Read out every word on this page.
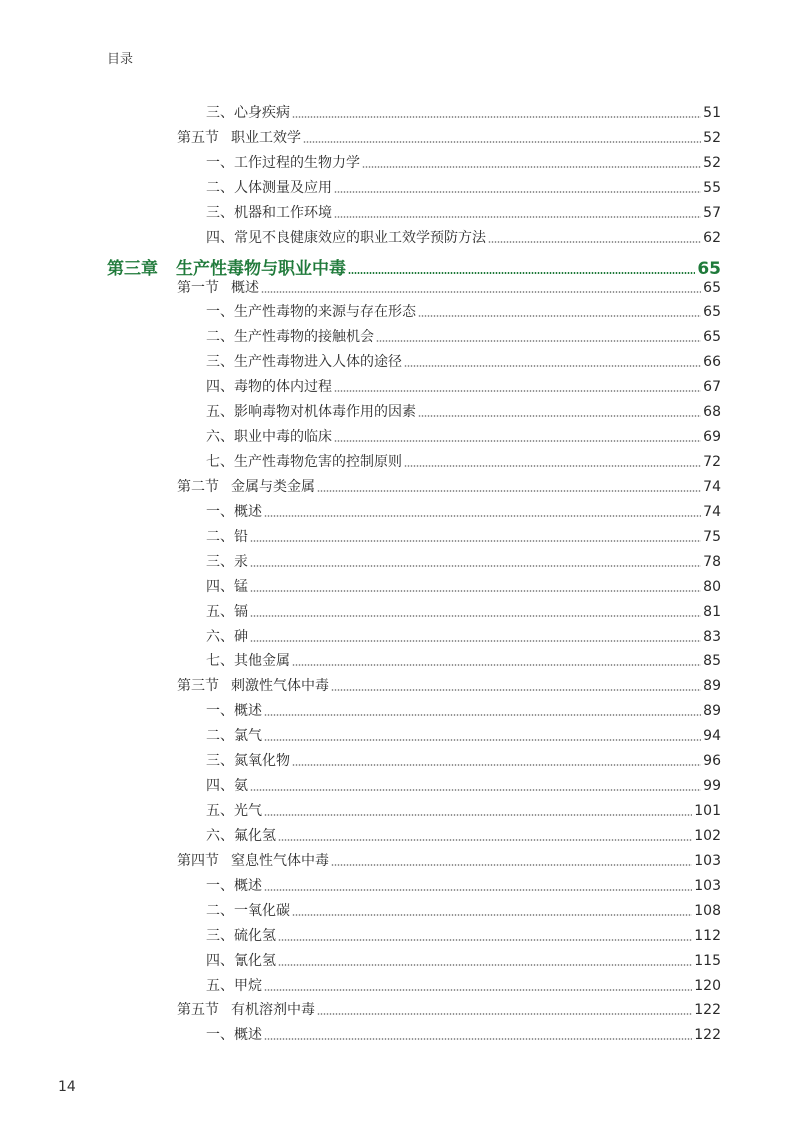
目录
三、心身疾病	51
第五节 职业工效学	52
一、工作过程的生物力学	52
二、人体测量及应用	55
三、机器和工作环境	57
四、常见不良健康效应的职业工效学预防方法	62
第三章 生产性毒物与职业中毒	65
第一节 概述	65
一、生产性毒物的来源与存在形态	65
二、生产性毒物的接触机会	65
三、生产性毒物进入人体的途径	66
四、毒物的体内过程	67
五、影响毒物对机体毒作用的因素	68
六、职业中毒的临床	69
七、生产性毒物危害的控制原则	72
第二节 金属与类金属	74
一、概述	74
二、铅	75
三、汞	78
四、锰	80
五、镉	81
六、砷	83
七、其他金属	85
第三节 刺激性气体中毒	89
一、概述	89
二、氯气	94
三、氮氧化物	96
四、氨	99
五、光气	101
六、氟化氢	102
第四节 窒息性气体中毒	103
一、概述	103
二、一氧化碳	108
三、硫化氢	112
四、氰化氢	115
五、甲烷	120
第五节 有机溶剂中毒	122
一、概述	122
14
